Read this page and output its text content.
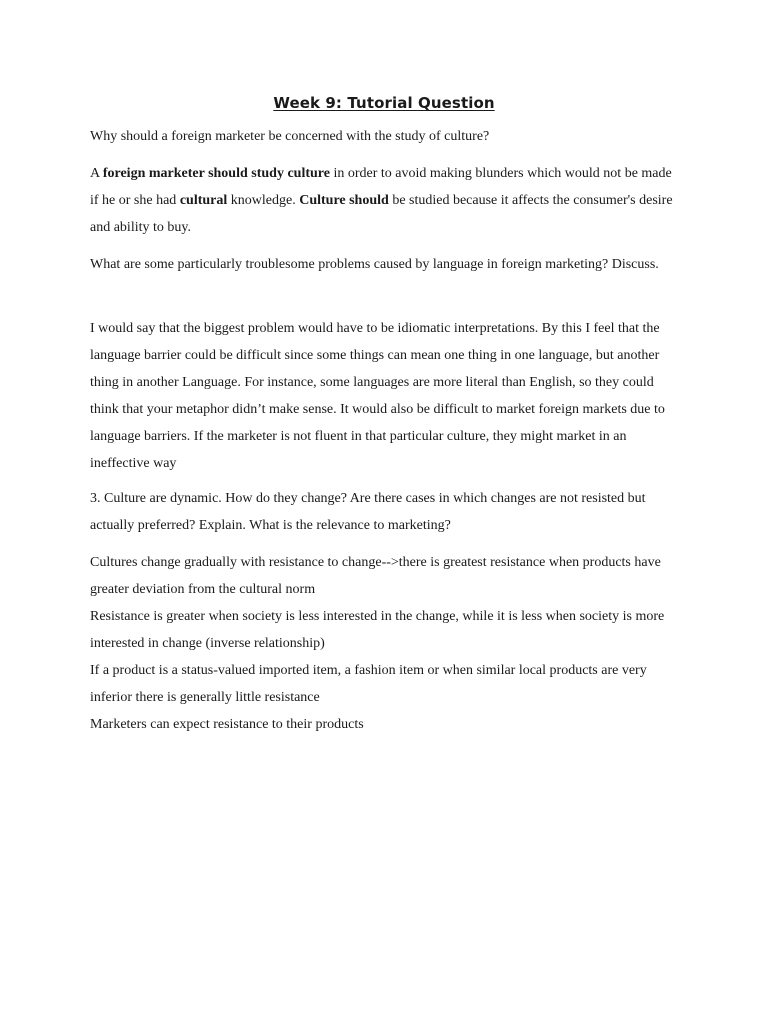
Week 9: Tutorial Question

Why should a foreign marketer be concerned with the study of culture?

A foreign marketer should study culture in order to avoid making blunders which would not be made if he or she had cultural knowledge. Culture should be studied because it affects the consumer's desire and ability to buy.

What are some particularly troublesome problems caused by language in foreign marketing? Discuss.

I would say that the biggest problem would have to be idiomatic interpretations. By this I feel that the language barrier could be difficult since some things can mean one thing in one language, but another thing in another Language. For instance, some languages are more literal than English, so they could think that your metaphor didn’t make sense. It would also be difficult to market foreign markets due to language barriers. If the marketer is not fluent in that particular culture, they might market in an ineffective way

3. Culture are dynamic. How do they change? Are there cases in which changes are not resisted but actually preferred? Explain. What is the relevance to marketing?

Cultures change gradually with resistance to change-->there is greatest resistance when products have greater deviation from the cultural norm
Resistance is greater when society is less interested in the change, while it is less when society is more interested in change (inverse relationship)
If a product is a status-valued imported item, a fashion item or when similar local products are very inferior there is generally little resistance
Marketers can expect resistance to their products
